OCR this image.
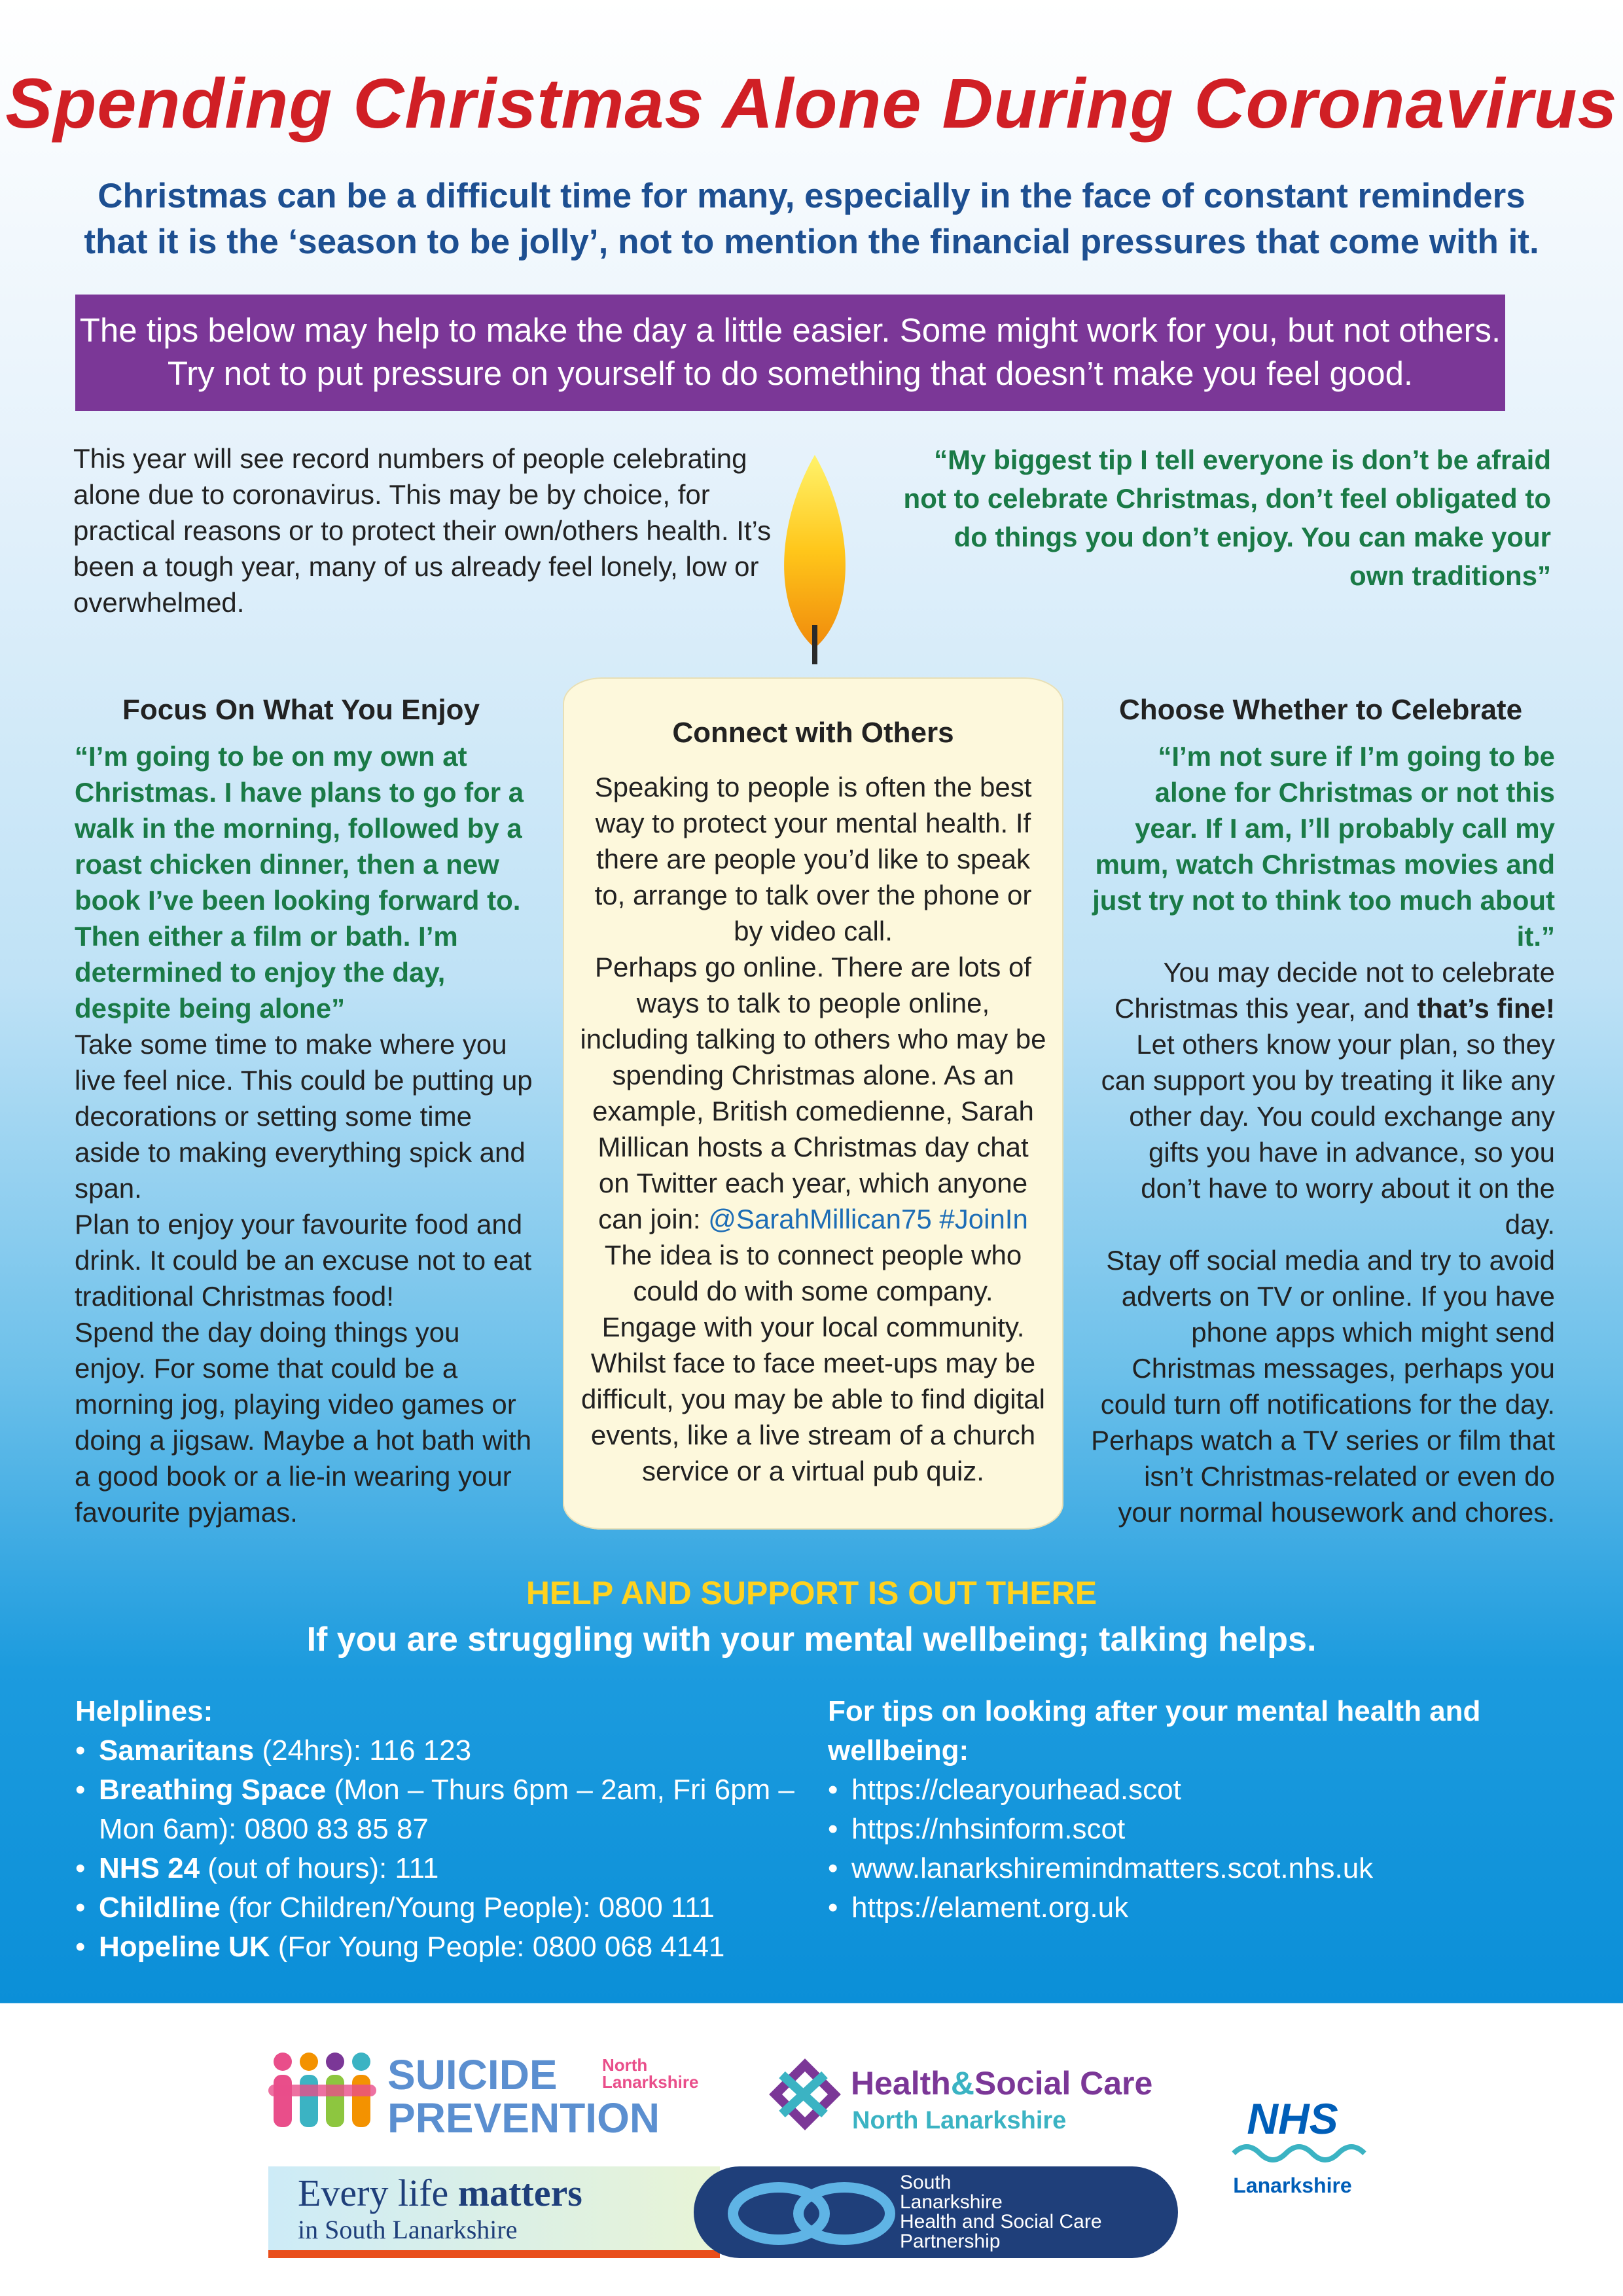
Spending Christmas Alone During Coronavirus
Christmas can be a difficult time for many, especially in the face of constant reminders that it is the ‘season to be jolly’, not to mention the financial pressures that come with it.
The tips below may help to make the day a little easier. Some might work for you, but not others. Try not to put pressure on yourself to do something that doesn’t make you feel good.
This year will see record numbers of people celebrating alone due to coronavirus. This may be by choice, for practical reasons or to protect their own/others health. It’s been a tough year, many of us already feel lonely, low or overwhelmed.
“My biggest tip I tell everyone is don’t be afraid not to celebrate Christmas, don’t feel obligated to do things you don’t enjoy. You can make your own traditions”
Focus On What You Enjoy
“I’m going to be on my own at Christmas. I have plans to go for a walk in the morning, followed by a roast chicken dinner, then a new book I’ve been looking forward to. Then either a film or bath. I’m determined to enjoy the day, despite being alone”
Take some time to make where you live feel nice. This could be putting up decorations or setting some time aside to making everything spick and span.
Plan to enjoy your favourite food and drink. It could be an excuse not to eat traditional Christmas food!
Spend the day doing things you enjoy. For some that could be a morning jog, playing video games or doing a jigsaw. Maybe a hot bath with a good book or a lie-in wearing your favourite pyjamas.
Connect with Others
Speaking to people is often the best way to protect your mental health. If there are people you’d like to speak to, arrange to talk over the phone or by video call.
Perhaps go online. There are lots of ways to talk to people online, including talking to others who may be spending Christmas alone. As an example, British comedienne, Sarah Millican hosts a Christmas day chat on Twitter each year, which anyone can join: @SarahMillican75 #JoinIn The idea is to connect people who could do with some company.
Engage with your local community. Whilst face to face meet-ups may be difficult, you may be able to find digital events, like a live stream of a church service or a virtual pub quiz.
Choose Whether to Celebrate
“I’m not sure if I’m going to be alone for Christmas or not this year. If I am, I’ll probably call my mum, watch Christmas movies and just try not to think too much about it.”
You may decide not to celebrate Christmas this year, and that’s fine! Let others know your plan, so they can support you by treating it like any other day. You could exchange any gifts you have in advance, so you don’t have to worry about it on the day.
Stay off social media and try to avoid adverts on TV or online. If you have phone apps which might send Christmas messages, perhaps you could turn off notifications for the day. Perhaps watch a TV series or film that isn’t Christmas-related or even do your normal housework and chores.
HELP AND SUPPORT IS OUT THERE
If you are struggling with your mental wellbeing; talking helps.
Helplines:
• Samaritans (24hrs): 116 123
• Breathing Space (Mon – Thurs 6pm – 2am, Fri 6pm – Mon 6am): 0800 83 85 87
• NHS 24 (out of hours): 111
• Childline (for Children/Young People): 0800 111
• Hopeline UK (For Young People: 0800 068 4141
For tips on looking after your mental health and wellbeing:
• https://clearyourhead.scot
• https://nhsinform.scot
• www.lanarkshiremindmatters.scot.nhs.uk
• https://elament.org.uk
SUICIDE
PREVENTION
North
Lanarkshire	Health&Social Care
North Lanarkshire	NHS
Lanarkshire
Every life matters
in South Lanarkshire
South
Lanarkshire
Health and Social Care
Partnership
